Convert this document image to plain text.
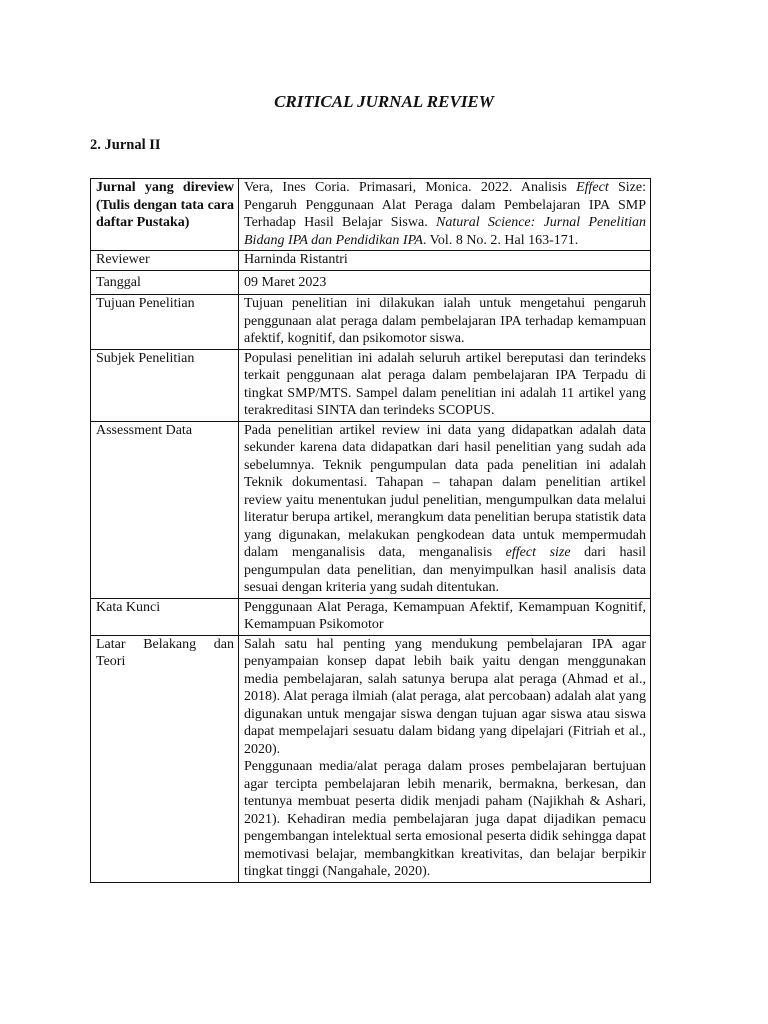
CRITICAL JURNAL REVIEW
2. Jurnal II
Jurnal yang direview (Tulis dengan tata cara daftar Pustaka)	Vera, Ines Coria. Primasari, Monica. 2022. Analisis Effect Size: Pengaruh Penggunaan Alat Peraga dalam Pembelajaran IPA SMP Terhadap Hasil Belajar Siswa. Natural Science: Jurnal Penelitian Bidang IPA dan Pendidikan IPA. Vol. 8 No. 2. Hal 163-171.
Reviewer	Harninda Ristantri
Tanggal	09 Maret 2023
Tujuan Penelitian	Tujuan penelitian ini dilakukan ialah untuk mengetahui pengaruh penggunaan alat peraga dalam pembelajaran IPA terhadap kemampuan afektif, kognitif, dan psikomotor siswa.
Subjek Penelitian	Populasi penelitian ini adalah seluruh artikel bereputasi dan terindeks terkait penggunaan alat peraga dalam pembelajaran IPA Terpadu di tingkat SMP/MTS. Sampel dalam penelitian ini adalah 11 artikel yang terakreditasi SINTA dan terindeks SCOPUS.
Assessment Data	Pada penelitian artikel review ini data yang didapatkan adalah data sekunder karena data didapatkan dari hasil penelitian yang sudah ada sebelumnya. Teknik pengumpulan data pada penelitian ini adalah Teknik dokumentasi. Tahapan – tahapan dalam penelitian artikel review yaitu menentukan judul penelitian, mengumpulkan data melalui literatur berupa artikel, merangkum data penelitian berupa statistik data yang digunakan, melakukan pengkodean data untuk mempermudah dalam menganalisis data, menganalisis effect size dari hasil pengumpulan data penelitian, dan menyimpulkan hasil analisis data sesuai dengan kriteria yang sudah ditentukan.
Kata Kunci	Penggunaan Alat Peraga, Kemampuan Afektif, Kemampuan Kognitif, Kemampuan Psikomotor
Latar Belakang dan Teori	Salah satu hal penting yang mendukung pembelajaran IPA agar penyampaian konsep dapat lebih baik yaitu dengan menggunakan media pembelajaran, salah satunya berupa alat peraga (Ahmad et al., 2018). Alat peraga ilmiah (alat peraga, alat percobaan) adalah alat yang digunakan untuk mengajar siswa dengan tujuan agar siswa atau siswa dapat mempelajari sesuatu dalam bidang yang dipelajari (Fitriah et al., 2020).
Penggunaan media/alat peraga dalam proses pembelajaran bertujuan agar tercipta pembelajaran lebih menarik, bermakna, berkesan, dan tentunya membuat peserta didik menjadi paham (Najikhah & Ashari, 2021). Kehadiran media pembelajaran juga dapat dijadikan pemacu pengembangan intelektual serta emosional peserta didik sehingga dapat memotivasi belajar, membangkitkan kreativitas, dan belajar berpikir tingkat tinggi (Nangahale, 2020).
